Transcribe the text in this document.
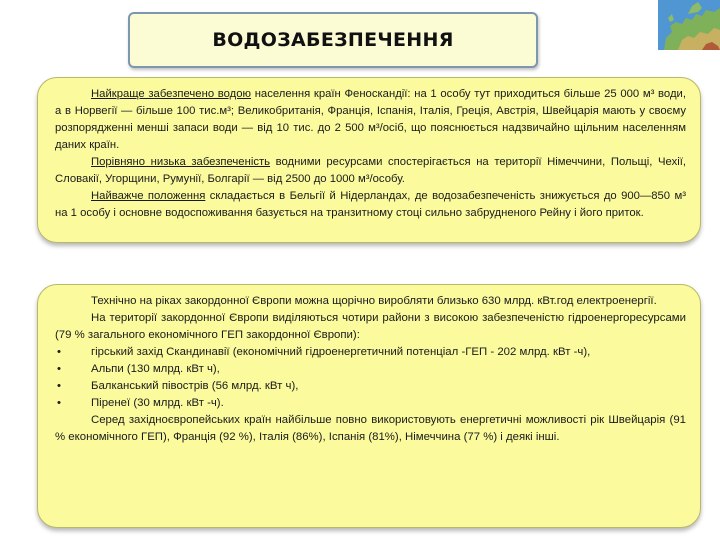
ВОДОЗАБЕЗПЕЧЕННЯ

Найкраще забезпечено водою населення країн Фенoскандії: на 1 особу тут приходиться більше 25 000 м³ води, а в Норвегії — більше 100 тис.м³; Великобританія, Франція, Іспанія, Італія, Греція, Австрія, Швейцарія мають у своєму розпорядженні менші запаси води — від 10 тис. до 2 500 м³/осіб, що пояснюється надзвичайно щільним населенням даних країн.

Порівняно низька забезпеченість водними ресурсами спостерігається на території Німеччини, Польщі, Чехії, Словакії, Угорщини, Румунії, Болгарії — від 2500 до 1000 м³/особу.

Найважче положення складається в Бельгії й Нідерландах, де водозабезпеченість знижується до 900—850 м³ на 1 особу і основне водоспоживання базується на транзитному стоці сильно забрудненого Рейну і його приток.

Технічно на ріках закордонної Європи можна щорічно виробляти близько 630 млрд. кВт.год електроенергії.

На території закордонної Європи виділяються чотири райони з високою забезпеченістю гідроенергоресурсами (79 % загального економічного ГЕП закордонної Європи):

•	гірський захід Скандинавії (економічний гідроенергетичний потенціал -ГЕП - 202 млрд. кВт -ч),
•	Альпи (130 млрд. кВт ч),
•	Балканський півострів (56 млрд. кВт ч),
•	Піренеї (30 млрд. кВт -ч).

Серед західноєвропейських країн найбільше повно використовують енергетичні можливості рік Швейцарія (91 % економічного ГЕП), Франція (92 %), Італія (86%), Іспанія (81%), Німеччина (77 %) і деякі інші.
